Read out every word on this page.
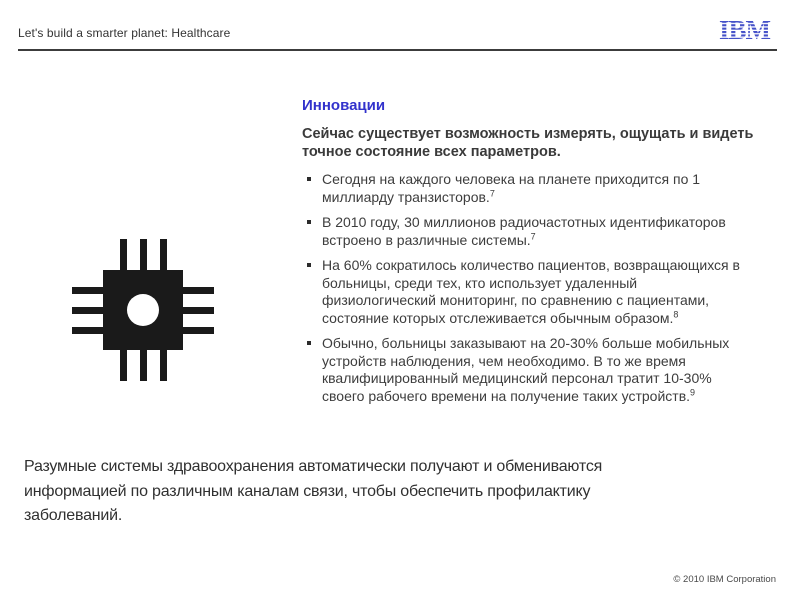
Let's build a smarter planet: Healthcare	IBM
Инновации
Сейчас существует возможность измерять, ощущать и видеть точное состояние всех параметров.

Сегодня на каждого человека на планете приходится по 1 миллиарду транзисторов.$^7$

В 2010 году, 30 миллионов радиочастотных идентификаторов встроено в различные системы.$^7$

На 60% сократилось количество пациентов, возвращающихся в больницы, среди тех, кто использует удаленный физиологический мониторинг, по сравнению с пациентами, состояние которых отслеживается обычным образом.$^8$

Обычно, больницы заказывают на 20-30% больше мобильных устройств наблюдения, чем необходимо. В то же время квалифицированный медицинский персонал тратит 10-30% своего рабочего времени на получение таких устройств.$^9$

Разумные системы здравоохранения автоматически получают и обмениваются информацией по различным каналам связи, чтобы обеспечить профилактику заболеваний.
© 2010 IBM Corporation
